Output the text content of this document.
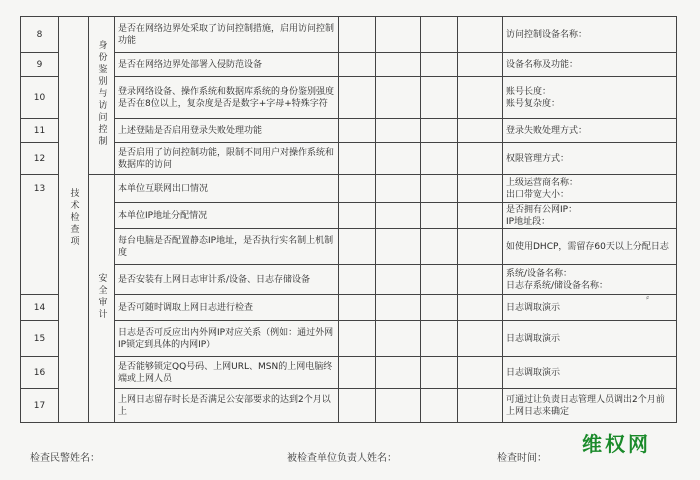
8	技术检查项	身份鉴别与访问控制	是否在网络边界处采取了访问控制措施，启用访问控制功能					访问控制设备名称：
9			是否在网络边界处部署入侵防范设备					设备名称及功能：
10			登录网络设备、操作系统和数据库系统的身份鉴别强度是否在8位以上，复杂度是否是数字+字母+特殊字符					账号长度：
账号复杂度：
11			上述登陆是否启用登录失败处理功能					登录失败处理方式：
12			是否启用了访问控制功能，限制不同用户对操作系统和数据库的访问					权限管理方式：
13		安全审计	本单位互联网出口情况					上级运营商名称：
出口带宽大小：
			本单位IP地址分配情况					是否拥有公网IP：
IP地址段：
			每台电脑是否配置静态IP地址，是否执行实名制上机制度					如使用DHCP，需留存60天以上分配日志
			是否安装有上网日志审计系/设备、日志存储设备					系统/设备名称：
日志存系统/储设备名称：
14			是否可随时调取上网日志进行检查					日志调取演示
15			日志是否可反应出内外网IP对应关系（例如：通过外网IP锁定到具体的内网IP）					日志调取演示
16			是否能够锁定QQ号码、上网URL、MSN的上网电脑终端或上网人员					日志调取演示
17			上网日志留存时长是否满足公安部要求的达到2个月以上					可通过让负责日志管理人员调出2个月前上网日志来确定
⸗
检查民警姓名：	被检查单位负责人姓名：	检查时间：
维权网
